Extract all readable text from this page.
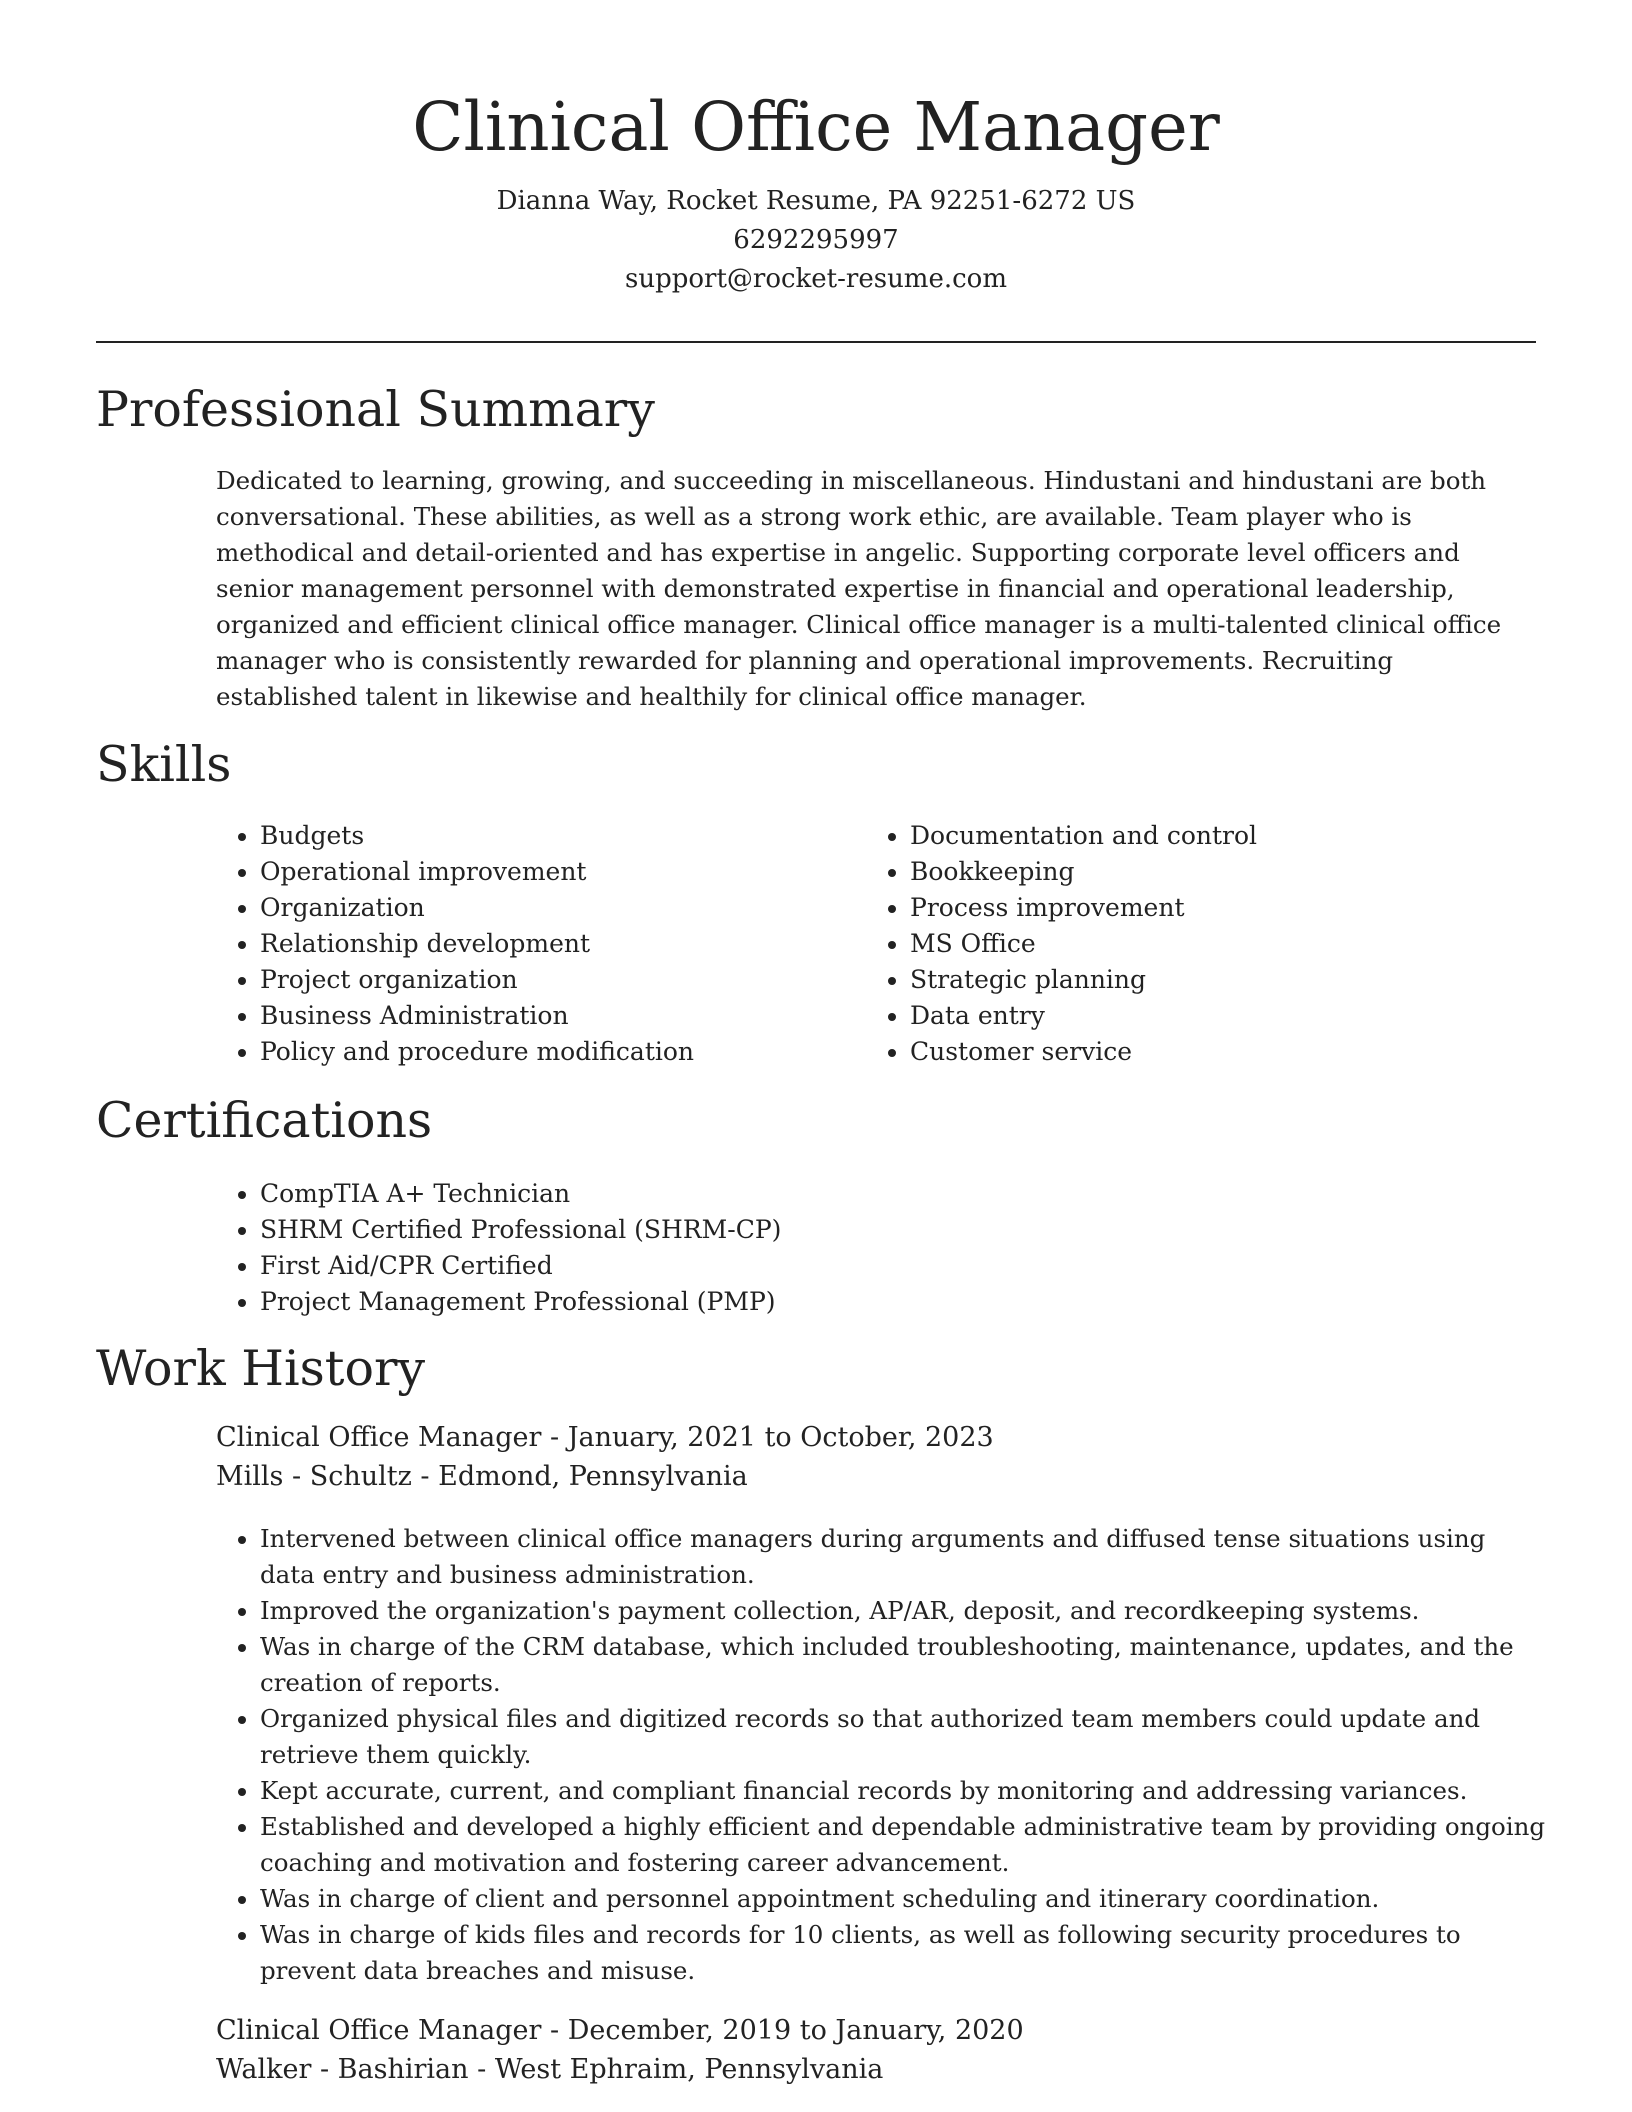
Clinical Office Manager
Dianna Way, Rocket Resume, PA 92251-6272 US
6292295997
support@rocket-resume.com
Professional Summary

Dedicated to learning, growing, and succeeding in miscellaneous. Hindustani and hindustani are both conversational. These abilities, as well as a strong work ethic, are available. Team player who is methodical and detail-oriented and has expertise in angelic. Supporting corporate level officers and senior management personnel with demonstrated expertise in financial and operational leadership, organized and efficient clinical office manager. Clinical office manager is a multi-talented clinical office manager who is consistently rewarded for planning and operational improvements. Recruiting established talent in likewise and healthily for clinical office manager.

Skills
• Budgets
• Operational improvement
• Organization
• Relationship development
• Project organization
• Business Administration
• Policy and procedure modification
• Documentation and control
• Bookkeeping
• Process improvement
• MS Office
• Strategic planning
• Data entry
• Customer service
Certifications
• CompTIA A+ Technician
• SHRM Certified Professional (SHRM-CP)
• First Aid/CPR Certified
• Project Management Professional (PMP)
Work History
Clinical Office Manager - January, 2021 to October, 2023
Mills - Schultz - Edmond, Pennsylvania
• Intervened between clinical office managers during arguments and diffused tense situations using data entry and business administration.
• Improved the organization's payment collection, AP/AR, deposit, and recordkeeping systems.
• Was in charge of the CRM database, which included troubleshooting, maintenance, updates, and the creation of reports.
• Organized physical files and digitized records so that authorized team members could update and retrieve them quickly.
• Kept accurate, current, and compliant financial records by monitoring and addressing variances.
• Established and developed a highly efficient and dependable administrative team by providing ongoing coaching and motivation and fostering career advancement.
• Was in charge of client and personnel appointment scheduling and itinerary coordination.
• Was in charge of kids files and records for 10 clients, as well as following security procedures to prevent data breaches and misuse.
Clinical Office Manager - December, 2019 to January, 2020
Walker - Bashirian - West Ephraim, Pennsylvania
